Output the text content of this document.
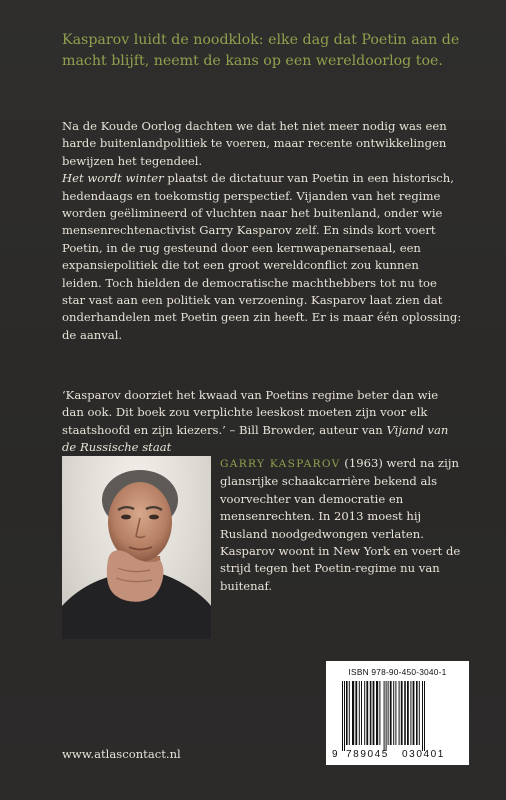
Kasparov luidt de noodklok: elke dag dat Poetin aan de macht blijft, neemt de kans op een wereldoorlog toe.

Na de Koude Oorlog dachten we dat het niet meer nodig was een harde buitenlandpolitiek te voeren, maar recente ontwikkelingen bewijzen het tegendeel.

Het wordt winter plaatst de dictatuur van Poetin in een historisch, hedendaags en toekomstig perspectief. Vijanden van het regime worden geëlimineerd of vluchten naar het buitenland, onder wie mensenrechtenactivist Garry Kasparov zelf. En sinds kort voert Poetin, in de rug gesteund door een kernwapenarsenaal, een expansiepolitiek die tot een groot wereldconflict zou kunnen leiden. Toch hielden de democratische machthebbers tot nu toe star vast aan een politiek van verzoening. Kasparov laat zien dat onderhandelen met Poetin geen zin heeft. Er is maar één oplossing: de aanval.

‘Kasparov doorziet het kwaad van Poetins regime beter dan wie dan ook. Dit boek zou verplichte leeskost moeten zijn voor elk staatshoofd en zijn kiezers.’ – Bill Browder, auteur van Vijand van de Russische staat

GARRY KASPAROV (1963) werd na zijn glansrijke schaakcarrière bekend als voorvechter van democratie en mensenrechten. In 2013 moest hij Rusland noodgedwongen verlaten. Kasparov woont in New York en voert de strijd tegen het Poetin-regime nu van buitenaf.

ISBN 978-90-450-3040-1
9 789045 030401
www.atlascontact.nl
